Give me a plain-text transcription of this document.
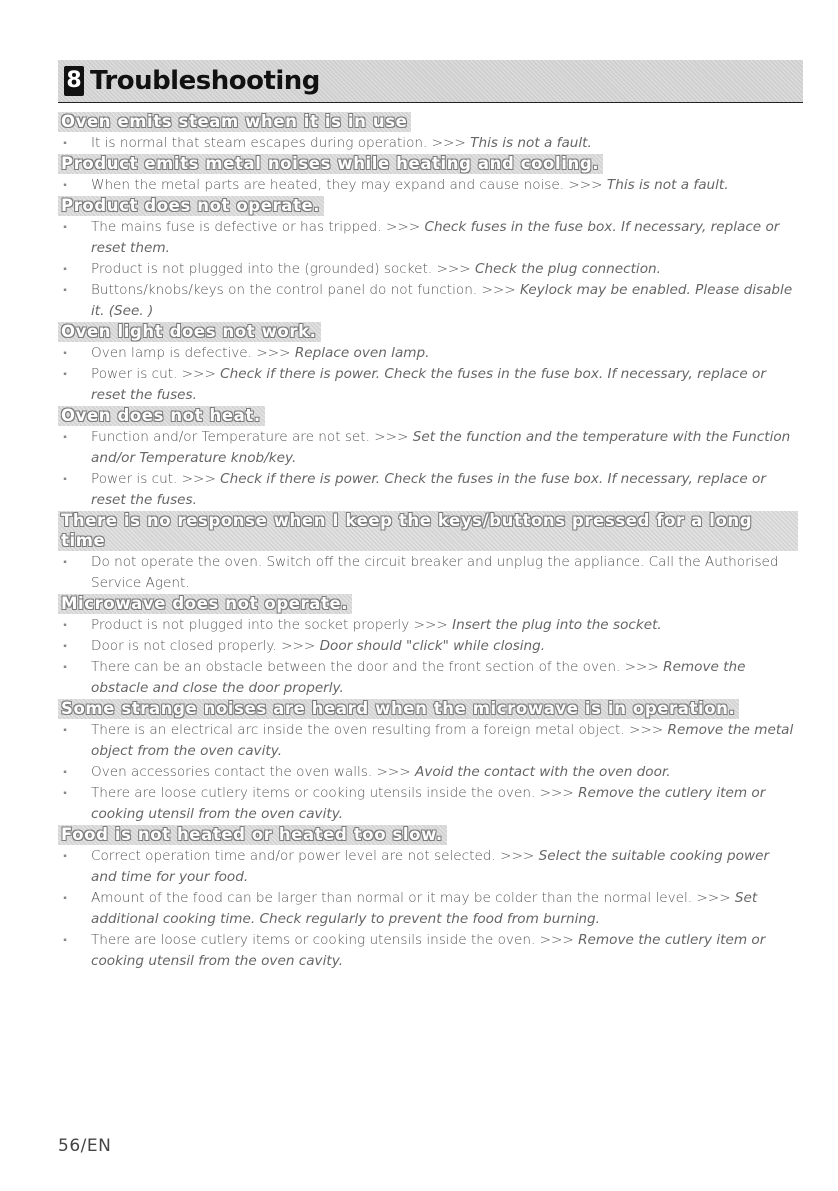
8 Troubleshooting
Oven emits steam when it is in use
▪ It is normal that steam escapes during operation. >>> This is not a fault.
Product emits metal noises while heating and cooling.
▪ When the metal parts are heated, they may expand and cause noise. >>> This is not a fault.
Product does not operate.
▪ The mains fuse is defective or has tripped. >>> Check fuses in the fuse box. If necessary, replace or reset them.
▪ Product is not plugged into the (grounded) socket. >>> Check the plug connection.
▪ Buttons/knobs/keys on the control panel do not function. >>> Keylock may be enabled. Please disable it. (See. )
Oven light does not work.
▪ Oven lamp is defective. >>> Replace oven lamp.
▪ Power is cut. >>> Check if there is power. Check the fuses in the fuse box. If necessary, replace or reset the fuses.
Oven does not heat.
▪ Function and/or Temperature are not set. >>> Set the function and the temperature with the Function and/or Temperature knob/key.
▪ Power is cut. >>> Check if there is power. Check the fuses in the fuse box. If necessary, replace or reset the fuses.
There is no response when I keep the keys/buttons pressed for a long time
▪ Do not operate the oven. Switch off the circuit breaker and unplug the appliance. Call the Authorised Service Agent.
Microwave does not operate.
▪ Product is not plugged into the socket properly >>> Insert the plug into the socket.
▪ Door is not closed properly. >>> Door should "click" while closing.
▪ There can be an obstacle between the door and the front section of the oven. >>> Remove the obstacle and close the door properly.
Some strange noises are heard when the microwave is in operation.
▪ There is an electrical arc inside the oven resulting from a foreign metal object. >>> Remove the metal object from the oven cavity.
▪ Oven accessories contact the oven walls. >>> Avoid the contact with the oven door.
▪ There are loose cutlery items or cooking utensils inside the oven. >>> Remove the cutlery item or cooking utensil from the oven cavity.
Food is not heated or heated too slow.
▪ Correct operation time and/or power level are not selected. >>> Select the suitable cooking power and time for your food.
▪ Amount of the food can be larger than normal or it may be colder than the normal level. >>> Set additional cooking time. Check regularly to prevent the food from burning.
▪ There are loose cutlery items or cooking utensils inside the oven. >>> Remove the cutlery item or cooking utensil from the oven cavity.
56/EN
